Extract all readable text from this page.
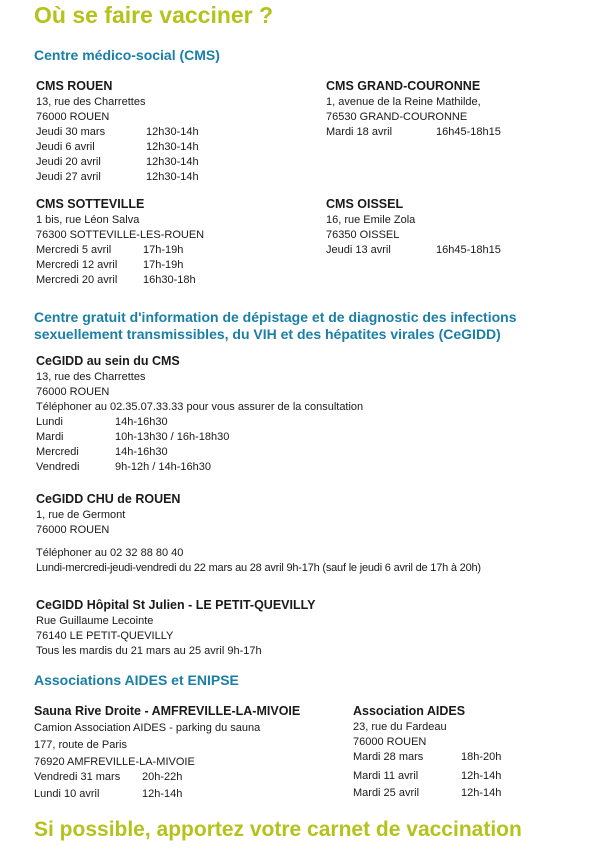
Où se faire vacciner ?
Centre médico-social (CMS)
CMS ROUEN
13, rue des Charrettes
76000 ROUEN
Jeudi 30 mars	12h30-14h
Jeudi 6 avril	12h30-14h
Jeudi 20 avril	12h30-14h
Jeudi 27 avril	12h30-14h
CMS GRAND-COURONNE
1, avenue de la Reine Mathilde,
76530 GRAND-COURONNE
Mardi 18 avril	16h45-18h15
CMS SOTTEVILLE
1 bis, rue Léon Salva
76300 SOTTEVILLE-LES-ROUEN
Mercredi 5 avril	17h-19h
Mercredi 12 avril	17h-19h
Mercredi 20 avril	16h30-18h
CMS OISSEL
16, rue Emile Zola
76350 OISSEL
Jeudi 13 avril	16h45-18h15
Centre gratuit d'information de dépistage et de diagnostic des infections
sexuellement transmissibles, du VIH et des hépatites virales (CeGIDD)
CeGIDD au sein du CMS
13, rue des Charrettes
76000 ROUEN
Téléphoner au 02.35.07.33.33 pour vous assurer de la consultation
Lundi	14h-16h30
Mardi	10h-13h30 / 16h-18h30
Mercredi	14h-16h30
Vendredi	9h-12h / 14h-16h30
CeGIDD CHU de ROUEN
1, rue de Germont
76000 ROUEN
Téléphoner au 02 32 88 80 40
Lundi-mercredi-jeudi-vendredi du 22 mars au 28 avril 9h-17h (sauf le jeudi 6 avril de 17h à 20h)
CeGIDD Hôpital St Julien - LE PETIT-QUEVILLY
Rue Guillaume Lecointe
76140 LE PETIT-QUEVILLY
Tous les mardis du 21 mars au 25 avril 9h-17h
Associations AIDES et ENIPSE
Sauna Rive Droite - AMFREVILLE-LA-MIVOIE
Camion Association AIDES - parking du sauna
177, route de Paris
76920 AMFREVILLE-LA-MIVOIE
Vendredi 31 mars	20h-22h
Lundi 10 avril	12h-14h
Association AIDES
23, rue du Fardeau
76000 ROUEN
Mardi 28 mars	18h-20h
Mardi 11 avril	12h-14h
Mardi 25 avril	12h-14h
Si possible, apportez votre carnet de vaccination
